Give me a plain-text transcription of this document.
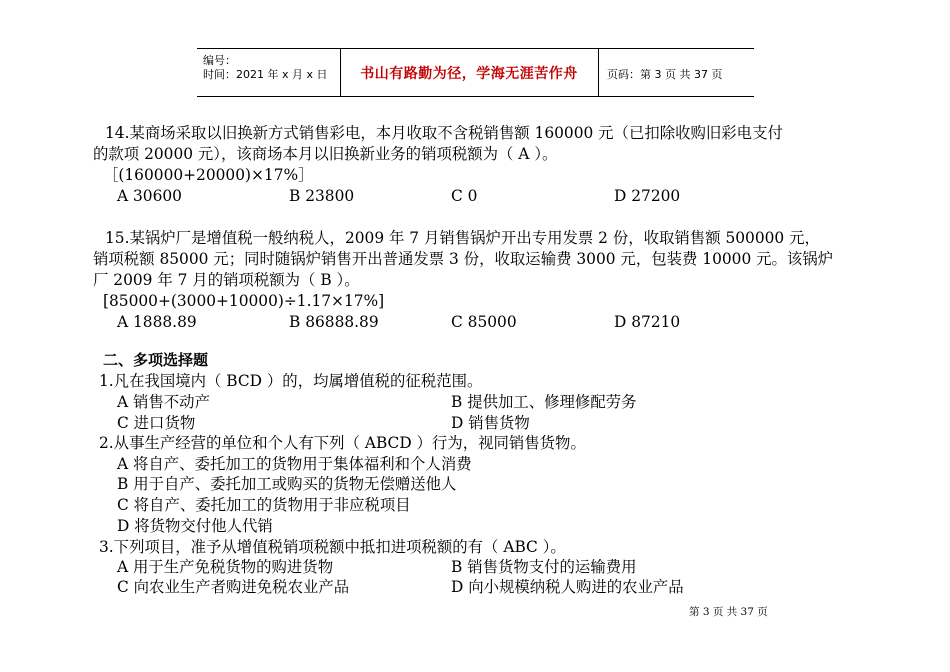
编号：
时间：2021 年 x 月 x 日	书山有路勤为径，学海无涯苦作舟	页码：第 3 页 共 37 页
14.某商场采取以旧换新方式销售彩电，本月收取不含税销售额 160000 元（已扣除收购旧彩电支付
的款项 20000 元），该商场本月以旧换新业务的销项税额为（ A ）。
［(160000+20000)×17%］
A 30600	B 23800	C 0	D 27200
15.某锅炉厂是增值税一般纳税人，2009 年 7 月销售锅炉开出专用发票 2 份，收取销售额 500000 元，
销项税额 85000 元；同时随锅炉销售开出普通发票 3 份，收取运输费 3000 元，包装费 10000 元。该锅炉
厂 2009 年 7 月的销项税额为（ B ）。
[85000+(3000+10000)÷1.17×17%]
A 1888.89	B 86888.89	C 85000	D 87210
二、多项选择题
1.凡在我国境内（ BCD ）的，均属增值税的征税范围。
A 销售不动产	B 提供加工、修理修配劳务
C 进口货物	D 销售货物
2.从事生产经营的单位和个人有下列（ ABCD ）行为，视同销售货物。
A 将自产、委托加工的货物用于集体福利和个人消费
B 用于自产、委托加工或购买的货物无偿赠送他人
C 将自产、委托加工的货物用于非应税项目
D 将货物交付他人代销
3.下列项目，准予从增值税销项税额中抵扣进项税额的有（ ABC ）。
A 用于生产免税货物的购进货物	B 销售货物支付的运输费用
C 向农业生产者购进免税农业产品	D 向小规模纳税人购进的农业产品
第 3 页 共 37 页
